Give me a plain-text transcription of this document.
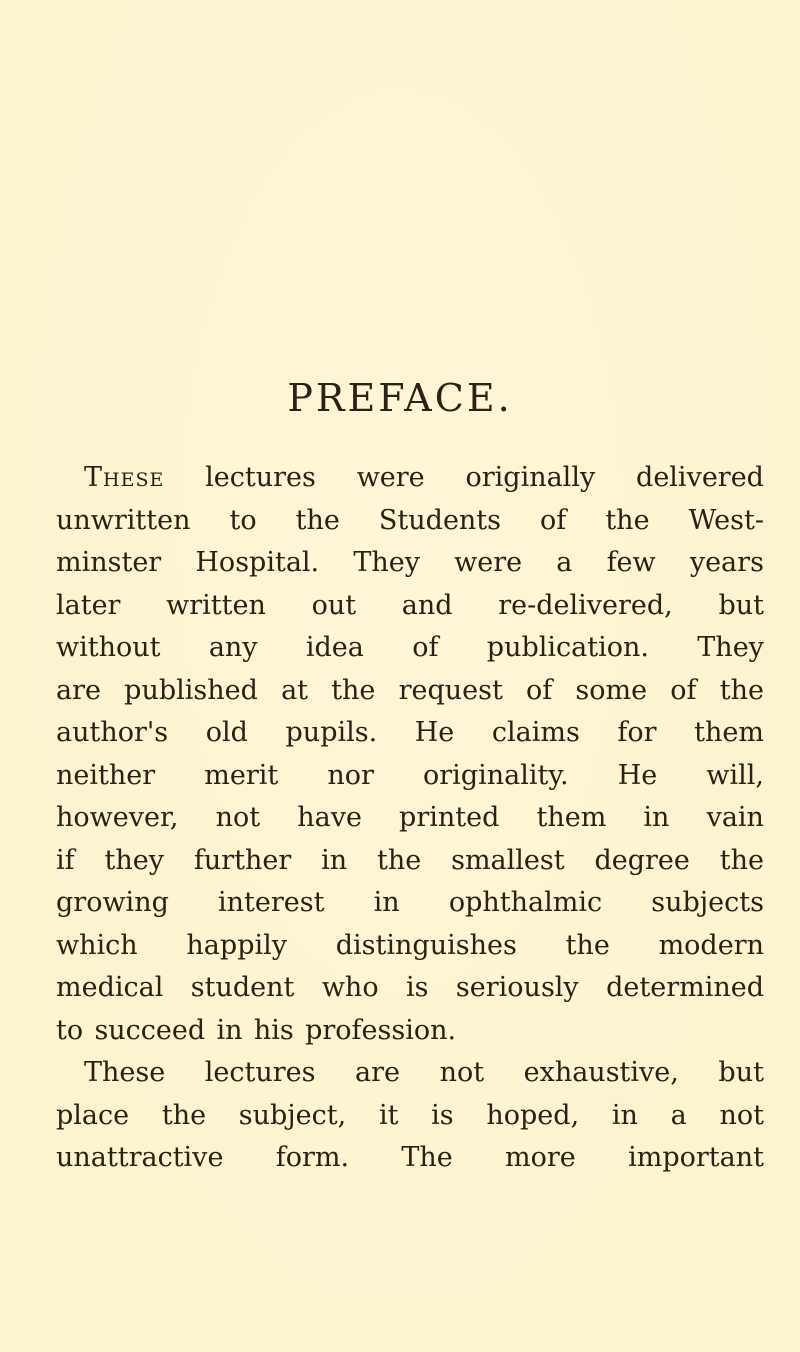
PREFACE.
These lectures were originally delivered
unwritten to the Students of the West-
minster Hospital. They were a few years
later written out and re-delivered, but
without any idea of publication. They
are published at the request of some of the
author's old pupils. He claims for them
neither merit nor originality. He will,
however, not have printed them in vain
if they further in the smallest degree the
growing interest in ophthalmic subjects
which happily distinguishes the modern
medical student who is seriously determined
to succeed in his profession.
These lectures are not exhaustive, but
place the subject, it is hoped, in a not
unattractive form. The more important
